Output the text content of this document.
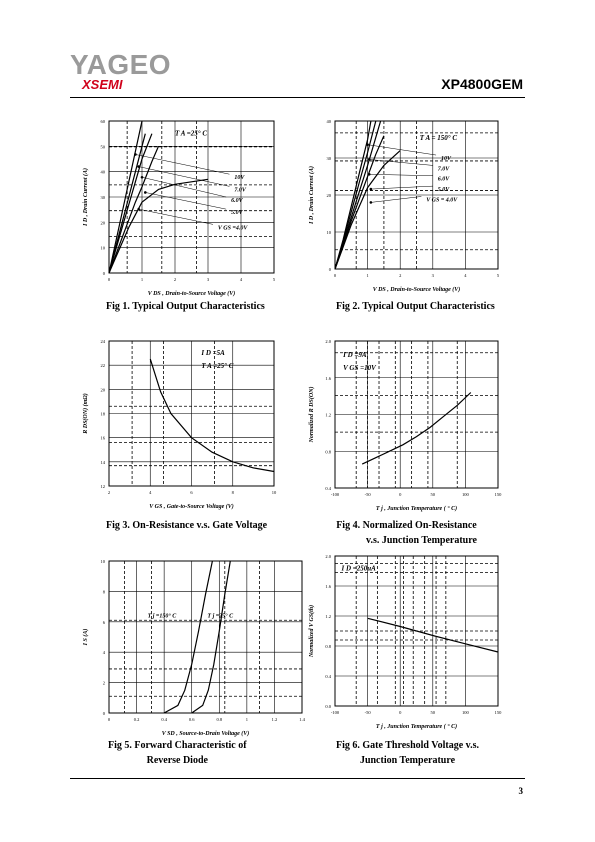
YAGEO
XSEMI	XP4800GEM
0
10
20
30
40
50
60
0	1	2	3	4	5
T A =25° C
10V
7.0V
6.0V
5.0V
V GS =4.0V
V DS , Drain-to-Source Voltage (V)
I D , Drain Current (A)
0
10
20
30
40
0	1	2	3	4	5
T A = 150° C
10V
7.0V
6.0V
5.0V
V GS = 4.0V
V DS , Drain-to-Source Voltage (V)
I D , Drain Current (A)
12
14
16
18
20
22
24
2	4	6	8	10
I D =5A
T A =25° C
V GS , Gate-to-Source Voltage (V)
R DS(ON) (mΩ)
0.4
0.8
1.2
1.6
2.0
-100	-50	0	50	100	150
I D =9A
V GS =10V
T j , Junction Temperature ( ° C)
Normalized R DS(ON)
0
2
4
6
8
10
0	0.2	0.4	0.6	0.8	1	1.2	1.4
T j =150° C	T j =25° C
V SD , Source-to-Drain Voltage (V)
I S (A)
0.0
0.4
0.8
1.2
1.6
2.0
-100	-50	0	50	100	150
I D =250uA
T j , Junction Temperature ( ° C)
Normalized V GS(th)
Fig 1. Typical Output Characteristics	Fig 2. Typical Output Characteristics
Fig 3. On-Resistance v.s. Gate Voltage	Fig 4. Normalized On-Resistance
v.s. Junction Temperature
Fig 5. Forward Characteristic of
Reverse Diode
Fig 6. Gate Threshold Voltage v.s.
Junction Temperature
3
